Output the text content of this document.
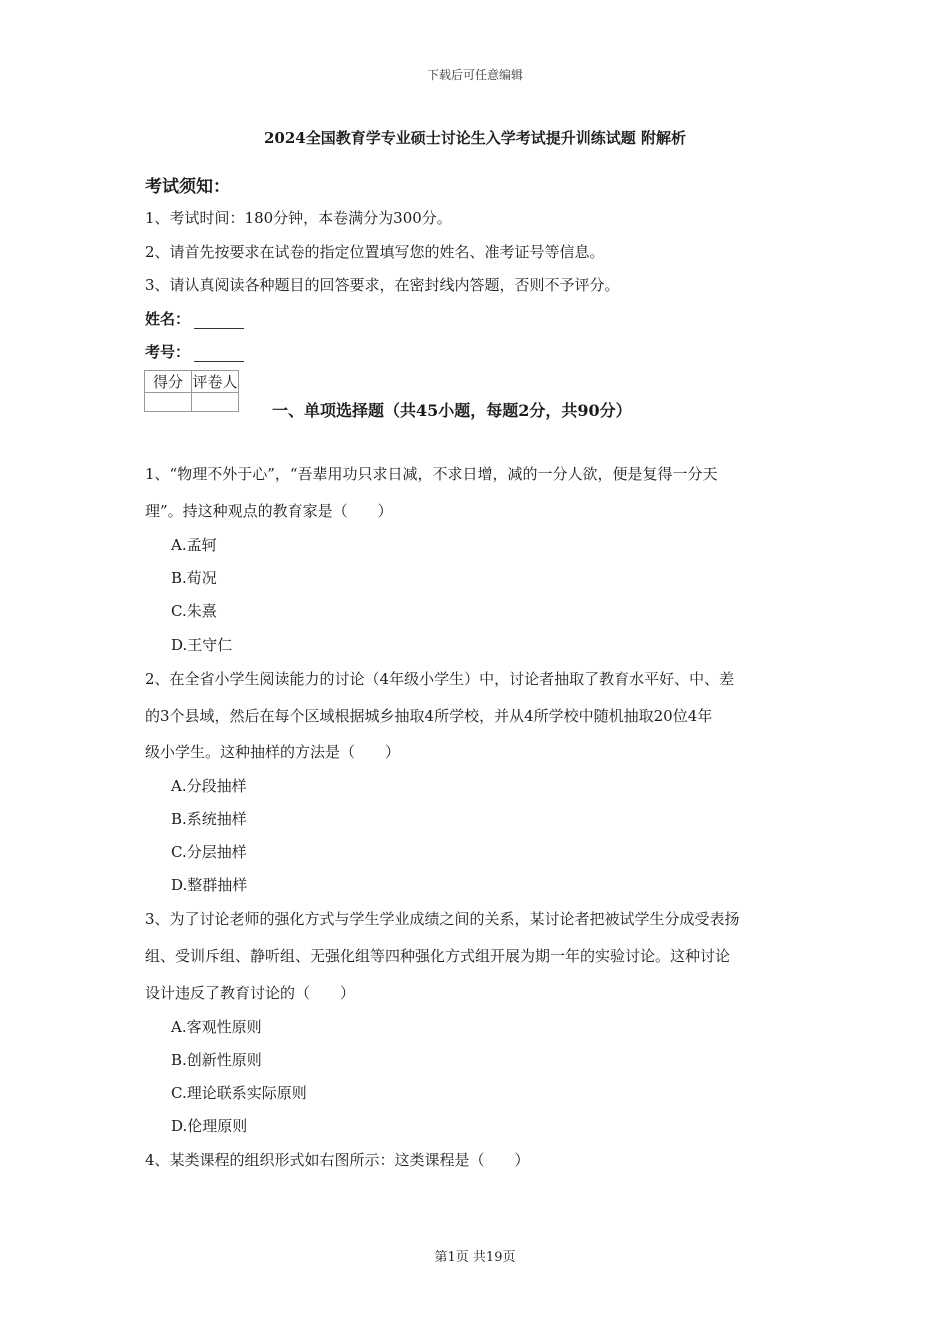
下载后可任意编辑
2024全国教育学专业硕士讨论生入学考试提升训练试题 附解析
考试须知：
1、考试时间：180分钟，本卷满分为300分。
2、请首先按要求在试卷的指定位置填写您的姓名、准考证号等信息。
3、请认真阅读各种题目的回答要求，在密封线内答题，否则不予评分。
姓名：
考号：
得分	评卷人

一、单项选择题（共45小题，每题2分，共90分）
1、“物理不外于心”，“吾辈用功只求日减，不求日增，减的一分人欲，便是复得一分天
理”。持这种观点的教育家是（　　）
A.孟轲
B.荀况
C.朱熹
D.王守仁
2、在全省小学生阅读能力的讨论（4年级小学生）中，讨论者抽取了教育水平好、中、差
的3个县域，然后在每个区域根据城乡抽取4所学校，并从4所学校中随机抽取20位4年
级小学生。这种抽样的方法是（　　）
A.分段抽样
B.系统抽样
C.分层抽样
D.整群抽样
3、为了讨论老师的强化方式与学生学业成绩之间的关系，某讨论者把被试学生分成受表扬
组、受训斥组、静听组、无强化组等四种强化方式组开展为期一年的实验讨论。这种讨论
设计违反了教育讨论的（　　）
A.客观性原则
B.创新性原则
C.理论联系实际原则
D.伦理原则
4、某类课程的组织形式如右图所示：这类课程是（　　）
第1页 共19页
